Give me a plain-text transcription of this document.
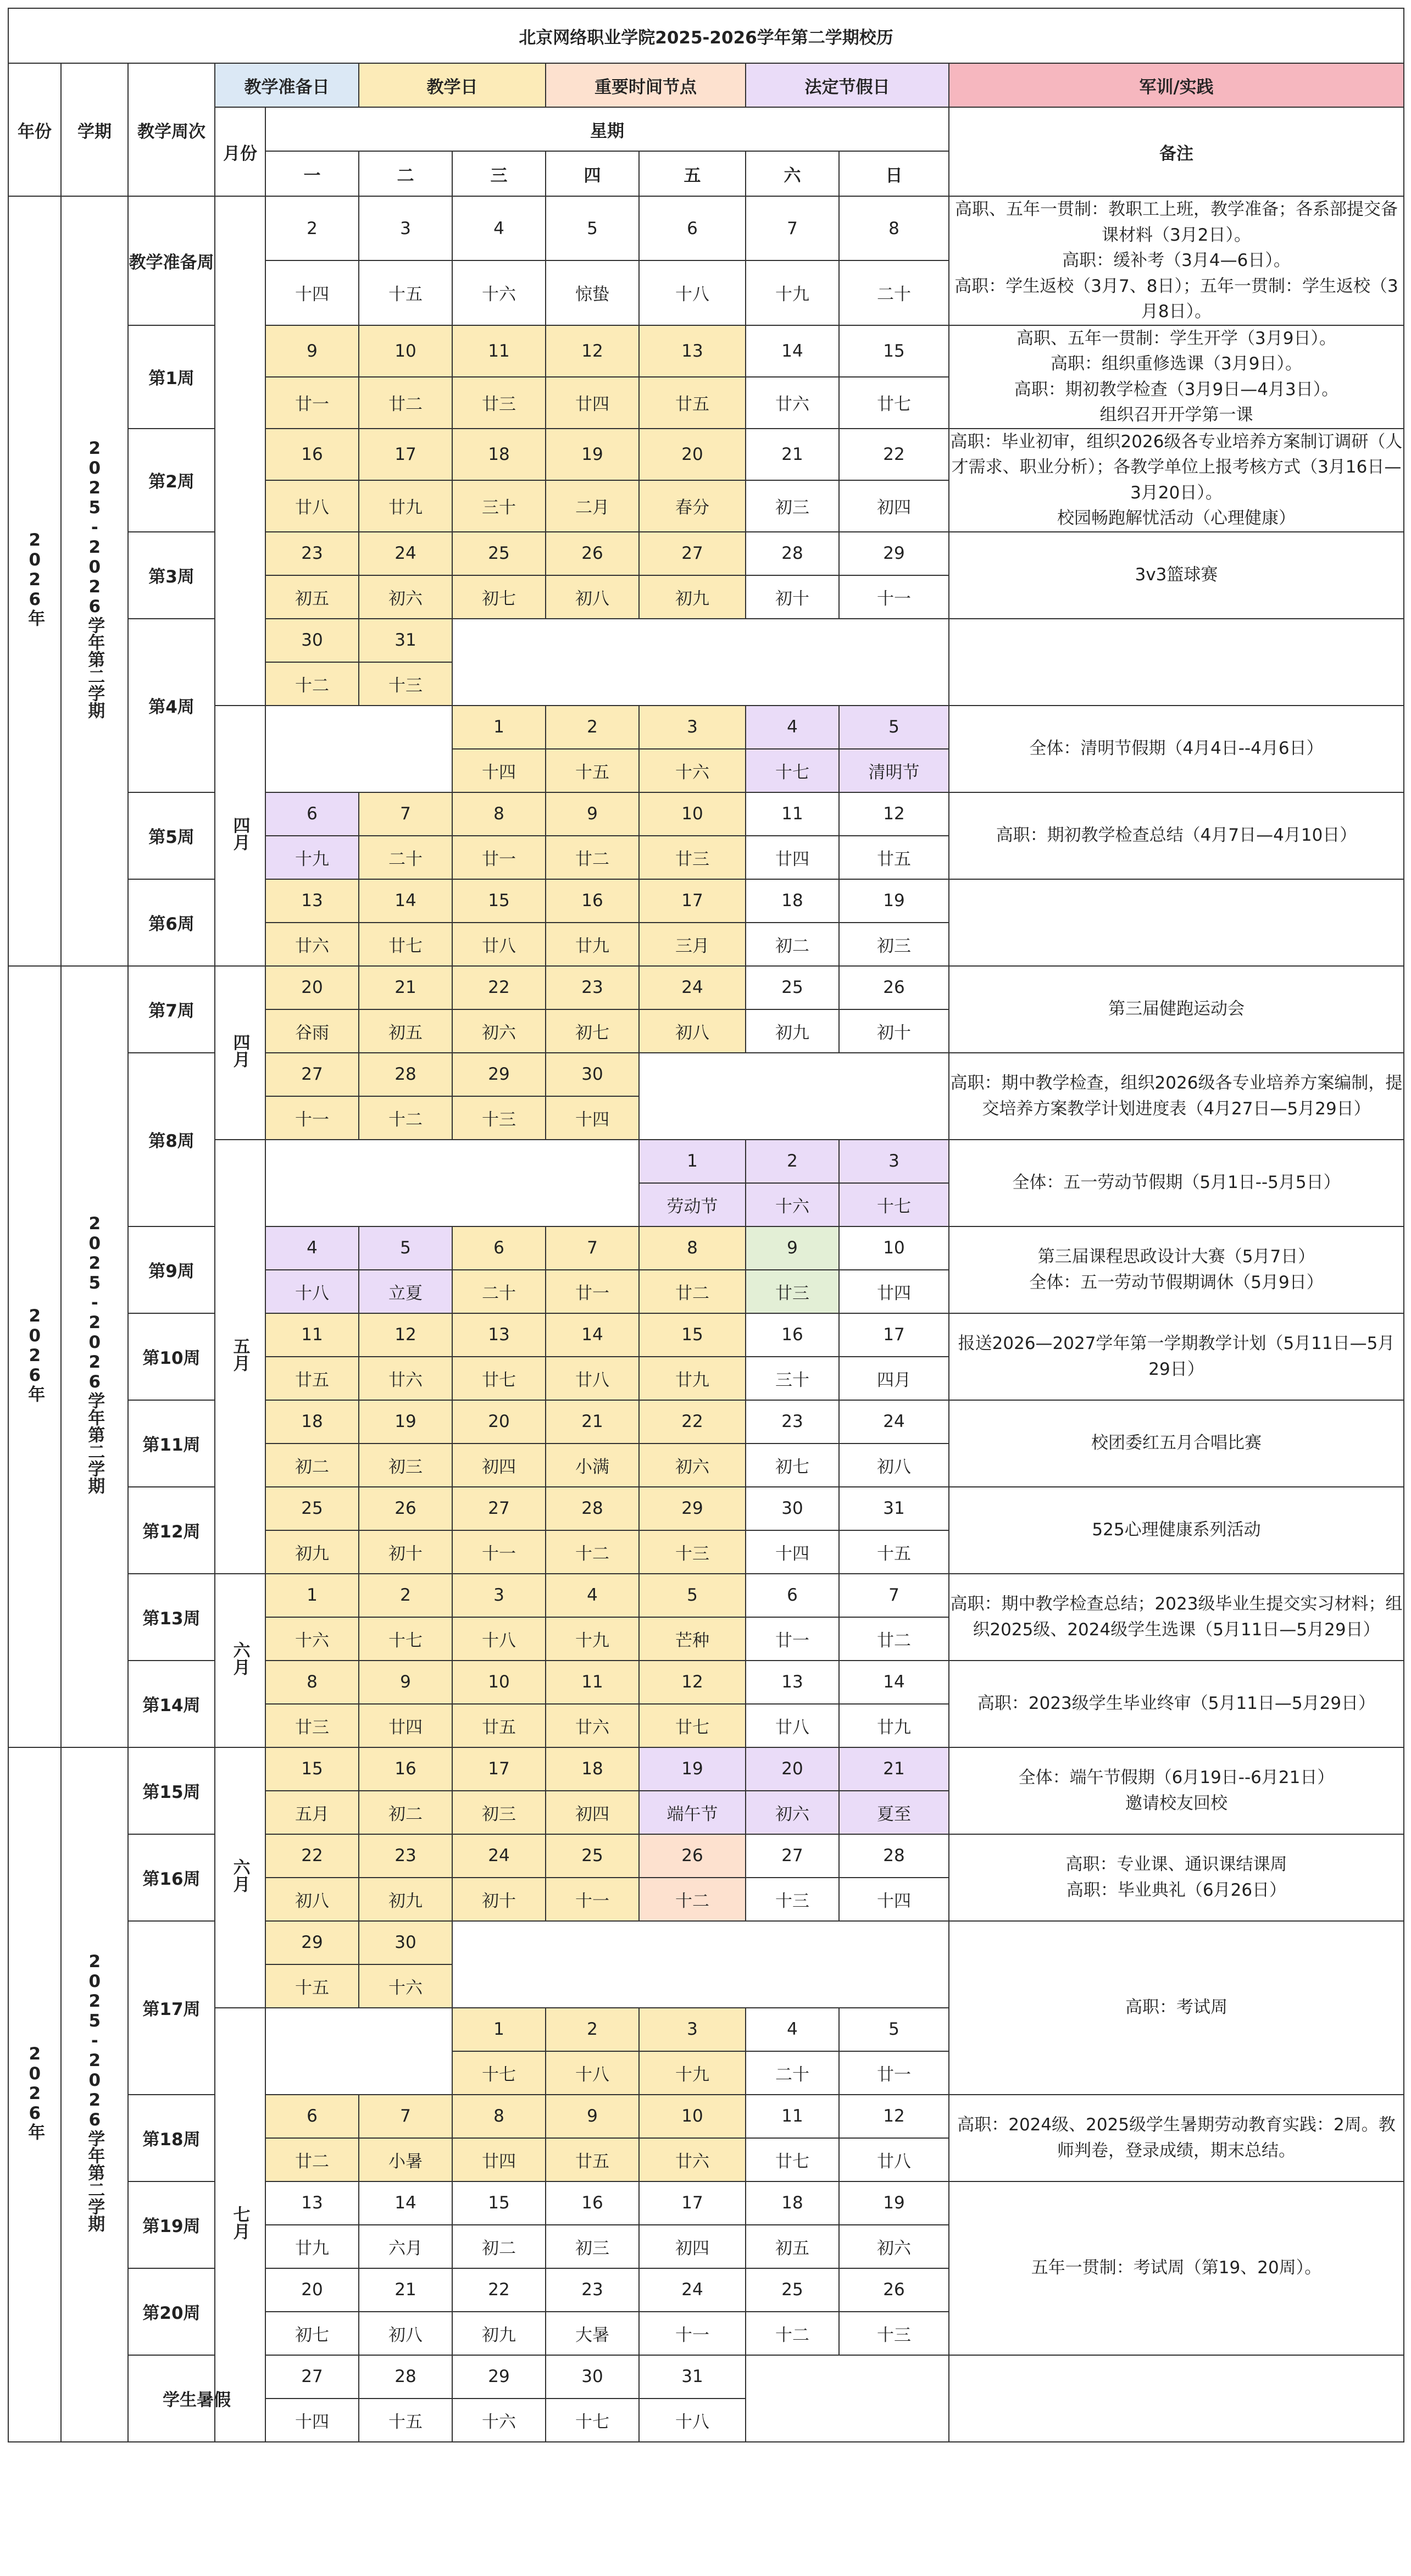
北京网络职业学院2025-2026学年第二学期校历											
年份	学期	教学周次	教学准备日		教学日		重要时间节点		法定节假日		军训/实践
			月份	星期							备注
				一	二	三	四	五	六	日	
2026年	2025-2026学年第二学期	教学准备周		2	3	4	5	6	7	8	高职、五年一贯制：教职工上班，教学准备；各系部提交备课材料（3月2日）。
高职：缓补考（3月4—6日）。
高职：学生返校（3月7、8日）；五年一贯制：学生返校（3月8日）。

				十四	十五	十六	惊蛰	十八	十九	二十	
		第1周		9	10	11	12	13	14	15	高职、五年一贯制：学生开学（3月9日）。
高职：组织重修选课（3月9日）。
高职：期初教学检查（3月9日—4月3日）。
组织召开开学第一课

				廿一	廿二	廿三	廿四	廿五	廿六	廿七	
		第2周		16	17	18	19	20	21	22	高职：毕业初审，组织2026级各专业培养方案制订调研（人才需求、职业分析）；各教学单位上报考核方式（3月16日—3月20日）。
校园畅跑解忧活动（心理健康）

				廿八	廿九	三十	二月	春分	初三	初四	
		第3周		23	24	25	26	27	28	29	3v3篮球赛

				初五	初六	初七	初八	初九	初十	十一	
		第4周		30	31						
				十二	十三						
			四月			1	2	3	4	5	全体：清明节假期（4月4日--4月6日）

						十四	十五	十六	十七	清明节	
		第5周		6	7	8	9	10	11	12	高职：期初教学检查总结（4月7日—4月10日）

				十九	二十	廿一	廿二	廿三	廿四	廿五	
		第6周		13	14	15	16	17	18	19	
				廿六	廿七	廿八	廿九	三月	初二	初三	
2026年	2025-2026学年第二学期	第7周	四月	20	21	22	23	24	25	26	第三届健跑运动会

				谷雨	初五	初六	初七	初八	初九	初十	
		第8周		27	28	29	30				高职：期中教学检查，组织2026级各专业培养方案编制，提交培养方案教学计划进度表（4月27日—5月29日）

				十一	十二	十三	十四				
			五月					1	2	3	全体：五一劳动节假期（5月1日--5月5日）

								劳动节	十六	十七	
		第9周		4	5	6	7	8	9	10	第三届课程思政设计大赛（5月7日）
全体：五一劳动节假期调休（5月9日）

				十八	立夏	二十	廿一	廿二	廿三	廿四	
		第10周		11	12	13	14	15	16	17	报送2026—2027学年第一学期教学计划（5月11日—5月29日）

				廿五	廿六	廿七	廿八	廿九	三十	四月	
		第11周		18	19	20	21	22	23	24	校团委红五月合唱比赛

				初二	初三	初四	小满	初六	初七	初八	
		第12周		25	26	27	28	29	30	31	525心理健康系列活动

				初九	初十	十一	十二	十三	十四	十五	
		第13周	六月	1	2	3	4	5	6	7	高职：期中教学检查总结；2023级毕业生提交实习材料；组织2025级、2024级学生选课（5月11日—5月29日）

				十六	十七	十八	十九	芒种	廿一	廿二	
		第14周		8	9	10	11	12	13	14	高职：2023级学生毕业终审（5月11日—5月29日）

				廿三	廿四	廿五	廿六	廿七	廿八	廿九	
2026年	2025-2026学年第二学期	第15周	六月	15	16	17	18	19	20	21	全体：端午节假期（6月19日--6月21日）
邀请校友回校

				五月	初二	初三	初四	端午节	初六	夏至	
		第16周		22	23	24	25	26	27	28	高职：专业课、通识课结课周
高职：毕业典礼（6月26日）

				初八	初九	初十	十一	十二	十三	十四	
		第17周		29	30						高职：考试周

				十五	十六						
			七月			1	2	3	4	5	
						十七	十八	十九	二十	廿一	
		第18周		6	7	8	9	10	11	12	高职：2024级、2025级学生暑期劳动教育实践：2周。教师判卷，登录成绩，期末总结。

				廿二	小暑	廿四	廿五	廿六	廿七	廿八	
		第19周		13	14	15	16	17	18	19	五年一贯制：考试周（第19、20周）。

				廿九	六月	初二	初三	初四	初五	初六	
		第20周		20	21	22	23	24	25	26	
				初七	初八	初九	大暑	十一	十二	十三	
		学生暑假		27	28	29	30	31			
				十四	十五	十六	十七	十八			
